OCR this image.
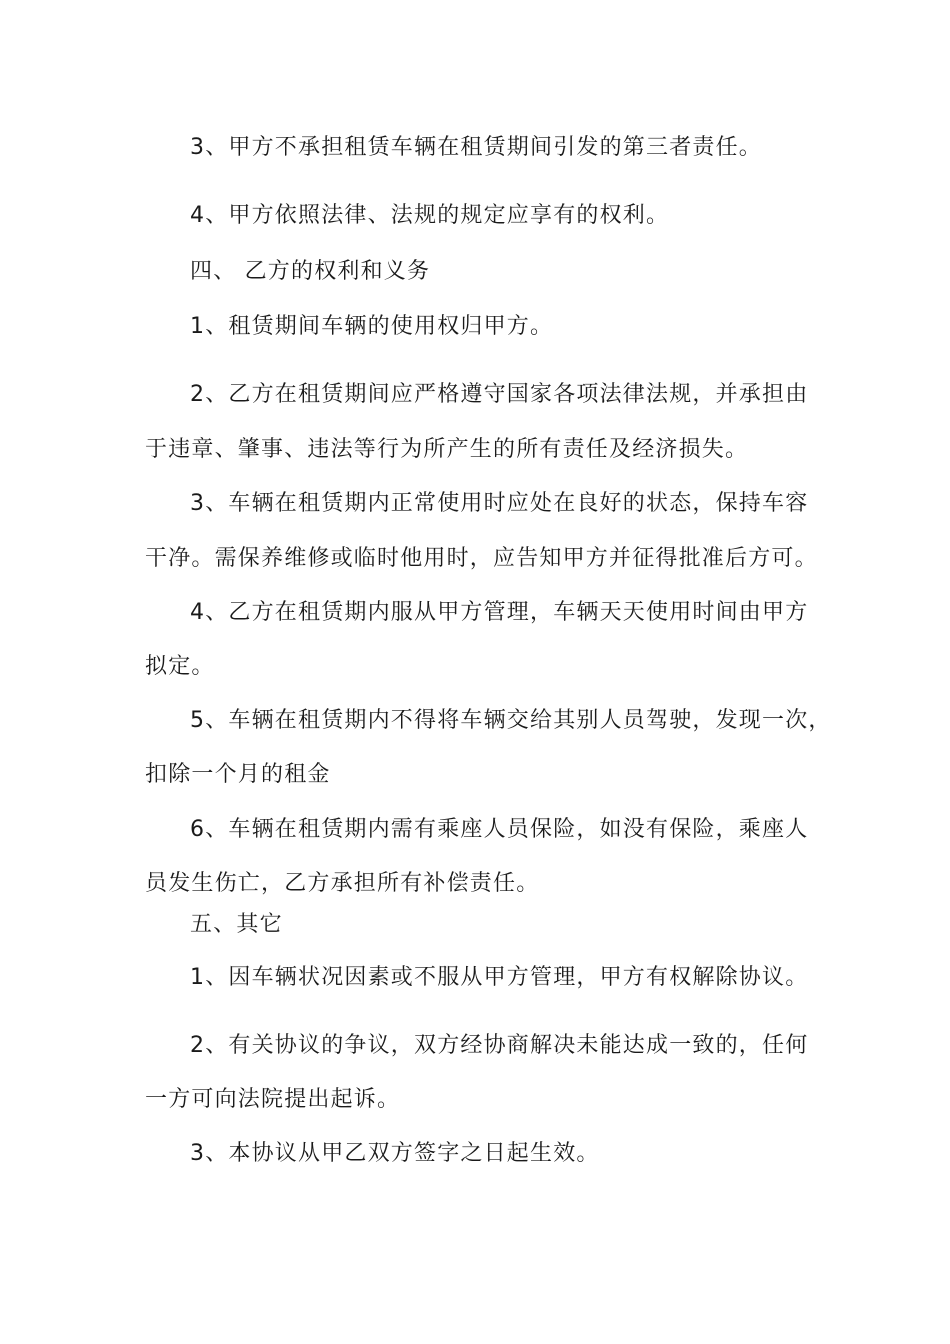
3、甲方不承担租赁车辆在租赁期间引发的第三者责任。
4、甲方依照法律、法规的规定应享有的权利。
四、 乙方的权利和义务
1、租赁期间车辆的使用权归甲方。
2、乙方在租赁期间应严格遵守国家各项法律法规，并承担由
于违章、肇事、违法等行为所产生的所有责任及经济损失。
3、车辆在租赁期内正常使用时应处在良好的状态，保持车容
干净。需保养维修或临时他用时，应告知甲方并征得批准后方可。
4、乙方在租赁期内服从甲方管理，车辆天天使用时间由甲方
拟定。
5、车辆在租赁期内不得将车辆交给其别人员驾驶，发现一次，
扣除一个月的租金
6、车辆在租赁期内需有乘座人员保险，如没有保险，乘座人
员发生伤亡，乙方承担所有补偿责任。
五、其它
1、因车辆状况因素或不服从甲方管理，甲方有权解除协议。
2、有关协议的争议，双方经协商解决未能达成一致的，任何
一方可向法院提出起诉。
3、本协议从甲乙双方签字之日起生效。
